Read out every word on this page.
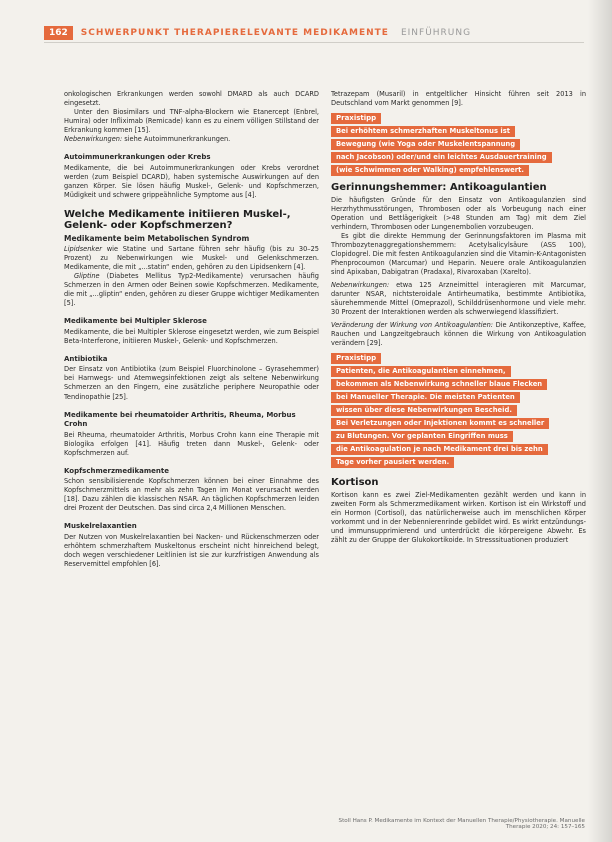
162	SCHWERPUNKT THERAPIERELEVANTE MEDIKAMENTE EINFÜHRUNG

onkologischen Erkrankungen werden sowohl DMARD als auch DCARD eingesetzt.

Unter den Biosimilars und TNF-alpha-Blockern wie Etanercept (Enbrel, Humira) oder Infliximab (Remicade) kann es zu einem völligen Stillstand der Erkrankung kommen [15].

Nebenwirkungen: siehe Autoimmunerkrankungen.

Autoimmunerkrankungen oder Krebs

Medikamente, die bei Autoimmunerkrankungen oder Krebs verordnet werden (zum Beispiel DCARD), haben systemische Auswirkungen auf den ganzen Körper. Sie lösen häufig Muskel-, Gelenk- und Kopfschmerzen, Müdigkeit und schwere grippeähnliche Symptome aus [4].

Welche Medikamente initiieren Muskel-, Gelenk- oder Kopfschmerzen?
Medikamente beim Metabolischen Syndrom

Lipidsenker wie Statine und Sartane führen sehr häufig (bis zu 30–25 Prozent) zu Nebenwirkungen wie Muskel- und Gelenkschmerzen. Medikamente, die mit „...statin“ enden, gehören zu den Lipidsenkern [4].

Gliptine (Diabetes Mellitus Typ2-Medikamente) verursachen häufig Schmerzen in den Armen oder Beinen sowie Kopfschmerzen. Medikamente, die mit „...gliptin“ enden, gehören zu dieser Gruppe wichtiger Medikamenten [5].

Medikamente bei Multipler Sklerose

Medikamente, die bei Multipler Sklerose eingesetzt werden, wie zum Beispiel Beta-Interferone, initiieren Muskel-, Gelenk- und Kopfschmerzen.

Antibiotika

Der Einsatz von Antibiotika (zum Beispiel Fluorchinolone – Gyrasehemmer) bei Harnwegs- und Atemwegsinfektionen zeigt als seltene Nebenwirkung Schmerzen an den Fingern, eine zusätzliche periphere Neuropathie oder Tendinopathie [25].

Medikamente bei rheumatoider Arthritis, Rheuma, Morbus Crohn

Bei Rheuma, rheumatoider Arthritis, Morbus Crohn kann eine Therapie mit Biologika erfolgen [41]. Häufig treten dann Muskel-, Gelenk- oder Kopfschmerzen auf.

Kopfschmerzmedikamente

Schon sensibilisierende Kopfschmerzen können bei einer Einnahme des Kopfschmerzmittels an mehr als zehn Tagen im Monat verursacht werden [18]. Dazu zählen die klassischen NSAR. An täglichen Kopfschmerzen leiden drei Prozent der Deutschen. Das sind circa 2,4 Millionen Menschen.

Muskelrelaxantien

Der Nutzen von Muskelrelaxantien bei Nacken- und Rückenschmerzen oder erhöhtem schmerzhaftem Muskeltonus erscheint nicht hinreichend belegt, doch wegen verschiedener Leitlinien ist sie zur kurzfristigen Anwendung als Reservemittel empfohlen [6].

Tetrazepam (Musaril) in entgeltlicher Hinsicht führen seit 2013 in Deutschland vom Markt genommen [9].

Praxistipp
Bei erhöhtem schmerzhaften Muskeltonus ist
Bewegung (wie Yoga oder Muskelentspannung
nach Jacobson) oder/und ein leichtes Ausdauertraining
(wie Schwimmen oder Walking) empfehlenswert.
Gerinnungshemmer: Antikoagulantien

Die häufigsten Gründe für den Einsatz von Antikoagulanzien sind Herzrhythmusstörungen, Thrombosen oder als Vorbeugung nach einer Operation und Bettlägerigkeit (>48 Stunden am Tag) mit dem Ziel verhindern, Thrombosen oder Lungenembolien vorzubeugen.

Es gibt die direkte Hemmung der Gerinnungsfaktoren im Plasma mit Thrombozytenaggregationshemmern: Acetylsalicylsäure (ASS 100), Clopidogrel. Die mit festen Antikoagulanzien sind die Vitamin-K-Antagonisten Phenprocoumon (Marcumar) und Heparin. Neuere orale Antikoagulanzien sind Apixaban, Dabigatran (Pradaxa), Rivaroxaban (Xarelto).

Nebenwirkungen: etwa 125 Arzneimittel interagieren mit Marcumar, darunter NSAR, nichtsteroidale Antirheumatika, bestimmte Antibiotika, säurehemmende Mittel (Omeprazol), Schilddrüsenhormone und viele mehr. 30 Prozent der Interaktionen werden als schwerwiegend klassifiziert.

Veränderung der Wirkung von Antikoagulantien: Die Antikonzeptive, Kaffee, Rauchen und Langzeitgebrauch können die Wirkung von Antikoagulation verändern [29].

Praxistipp
Patienten, die Antikoagulantien einnehmen,
bekommen als Nebenwirkung schneller blaue Flecken
bei Manueller Therapie. Die meisten Patienten
wissen über diese Nebenwirkungen Bescheid.
Bei Verletzungen oder Injektionen kommt es schneller
zu Blutungen. Vor geplanten Eingriffen muss
die Antikoagulation je nach Medikament drei bis zehn
Tage vorher pausiert werden.
Kortison

Kortison kann es zwei Ziel-Medikamenten gezählt werden und kann in zweiten Form als Schmerzmedikament wirken. Kortison ist ein Wirkstoff und ein Hormon (Cortisol), das natürlicherweise auch im menschlichen Körper vorkommt und in der Nebennierenrinde gebildet wird. Es wirkt entzündungs- und immunsupprimierend und unterdrückt die körpereigene Abwehr. Es zählt zu der Gruppe der Glukokortikoide. In Stresssituationen produziert

Stoll Hans P. Medikamente im Kontext der Manuellen Therapie/Physiotherapie. Manuelle Therapie 2020; 24: 157–165
